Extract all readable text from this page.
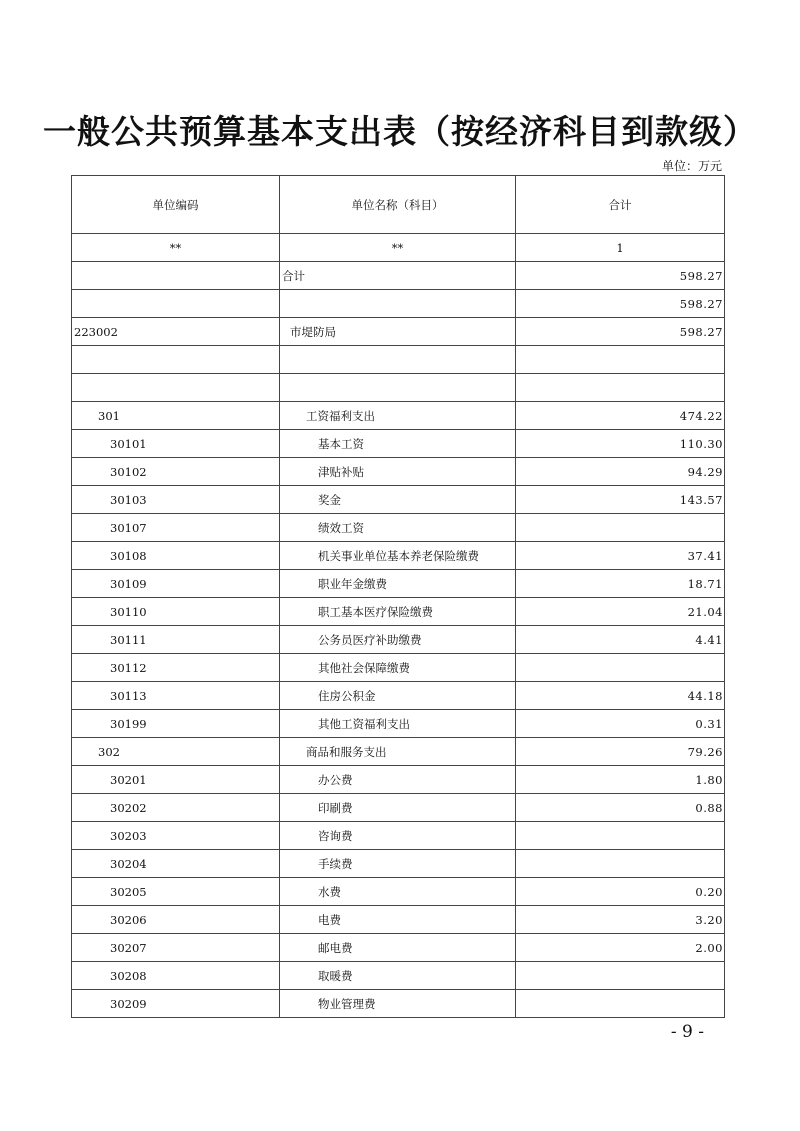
一般公共预算基本支出表（按经济科目到款级）
单位：万元
单位编码	单位名称（科目）	合计
**	**	1
	合计	598.27
		598.27
223002	市堤防局	598.27

301	工资福利支出	474.22
30101	基本工资	110.30
30102	津贴补贴	94.29
30103	奖金	143.57
30107	绩效工资	
30108	机关事业单位基本养老保险缴费	37.41
30109	职业年金缴费	18.71
30110	职工基本医疗保险缴费	21.04
30111	公务员医疗补助缴费	4.41
30112	其他社会保障缴费	
30113	住房公积金	44.18
30199	其他工资福利支出	0.31
302	商品和服务支出	79.26
30201	办公费	1.80
30202	印刷费	0.88
30203	咨询费	
30204	手续费	
30205	水费	0.20
30206	电费	3.20
30207	邮电费	2.00
30208	取暖费	
30209	物业管理费	
- 9 -
